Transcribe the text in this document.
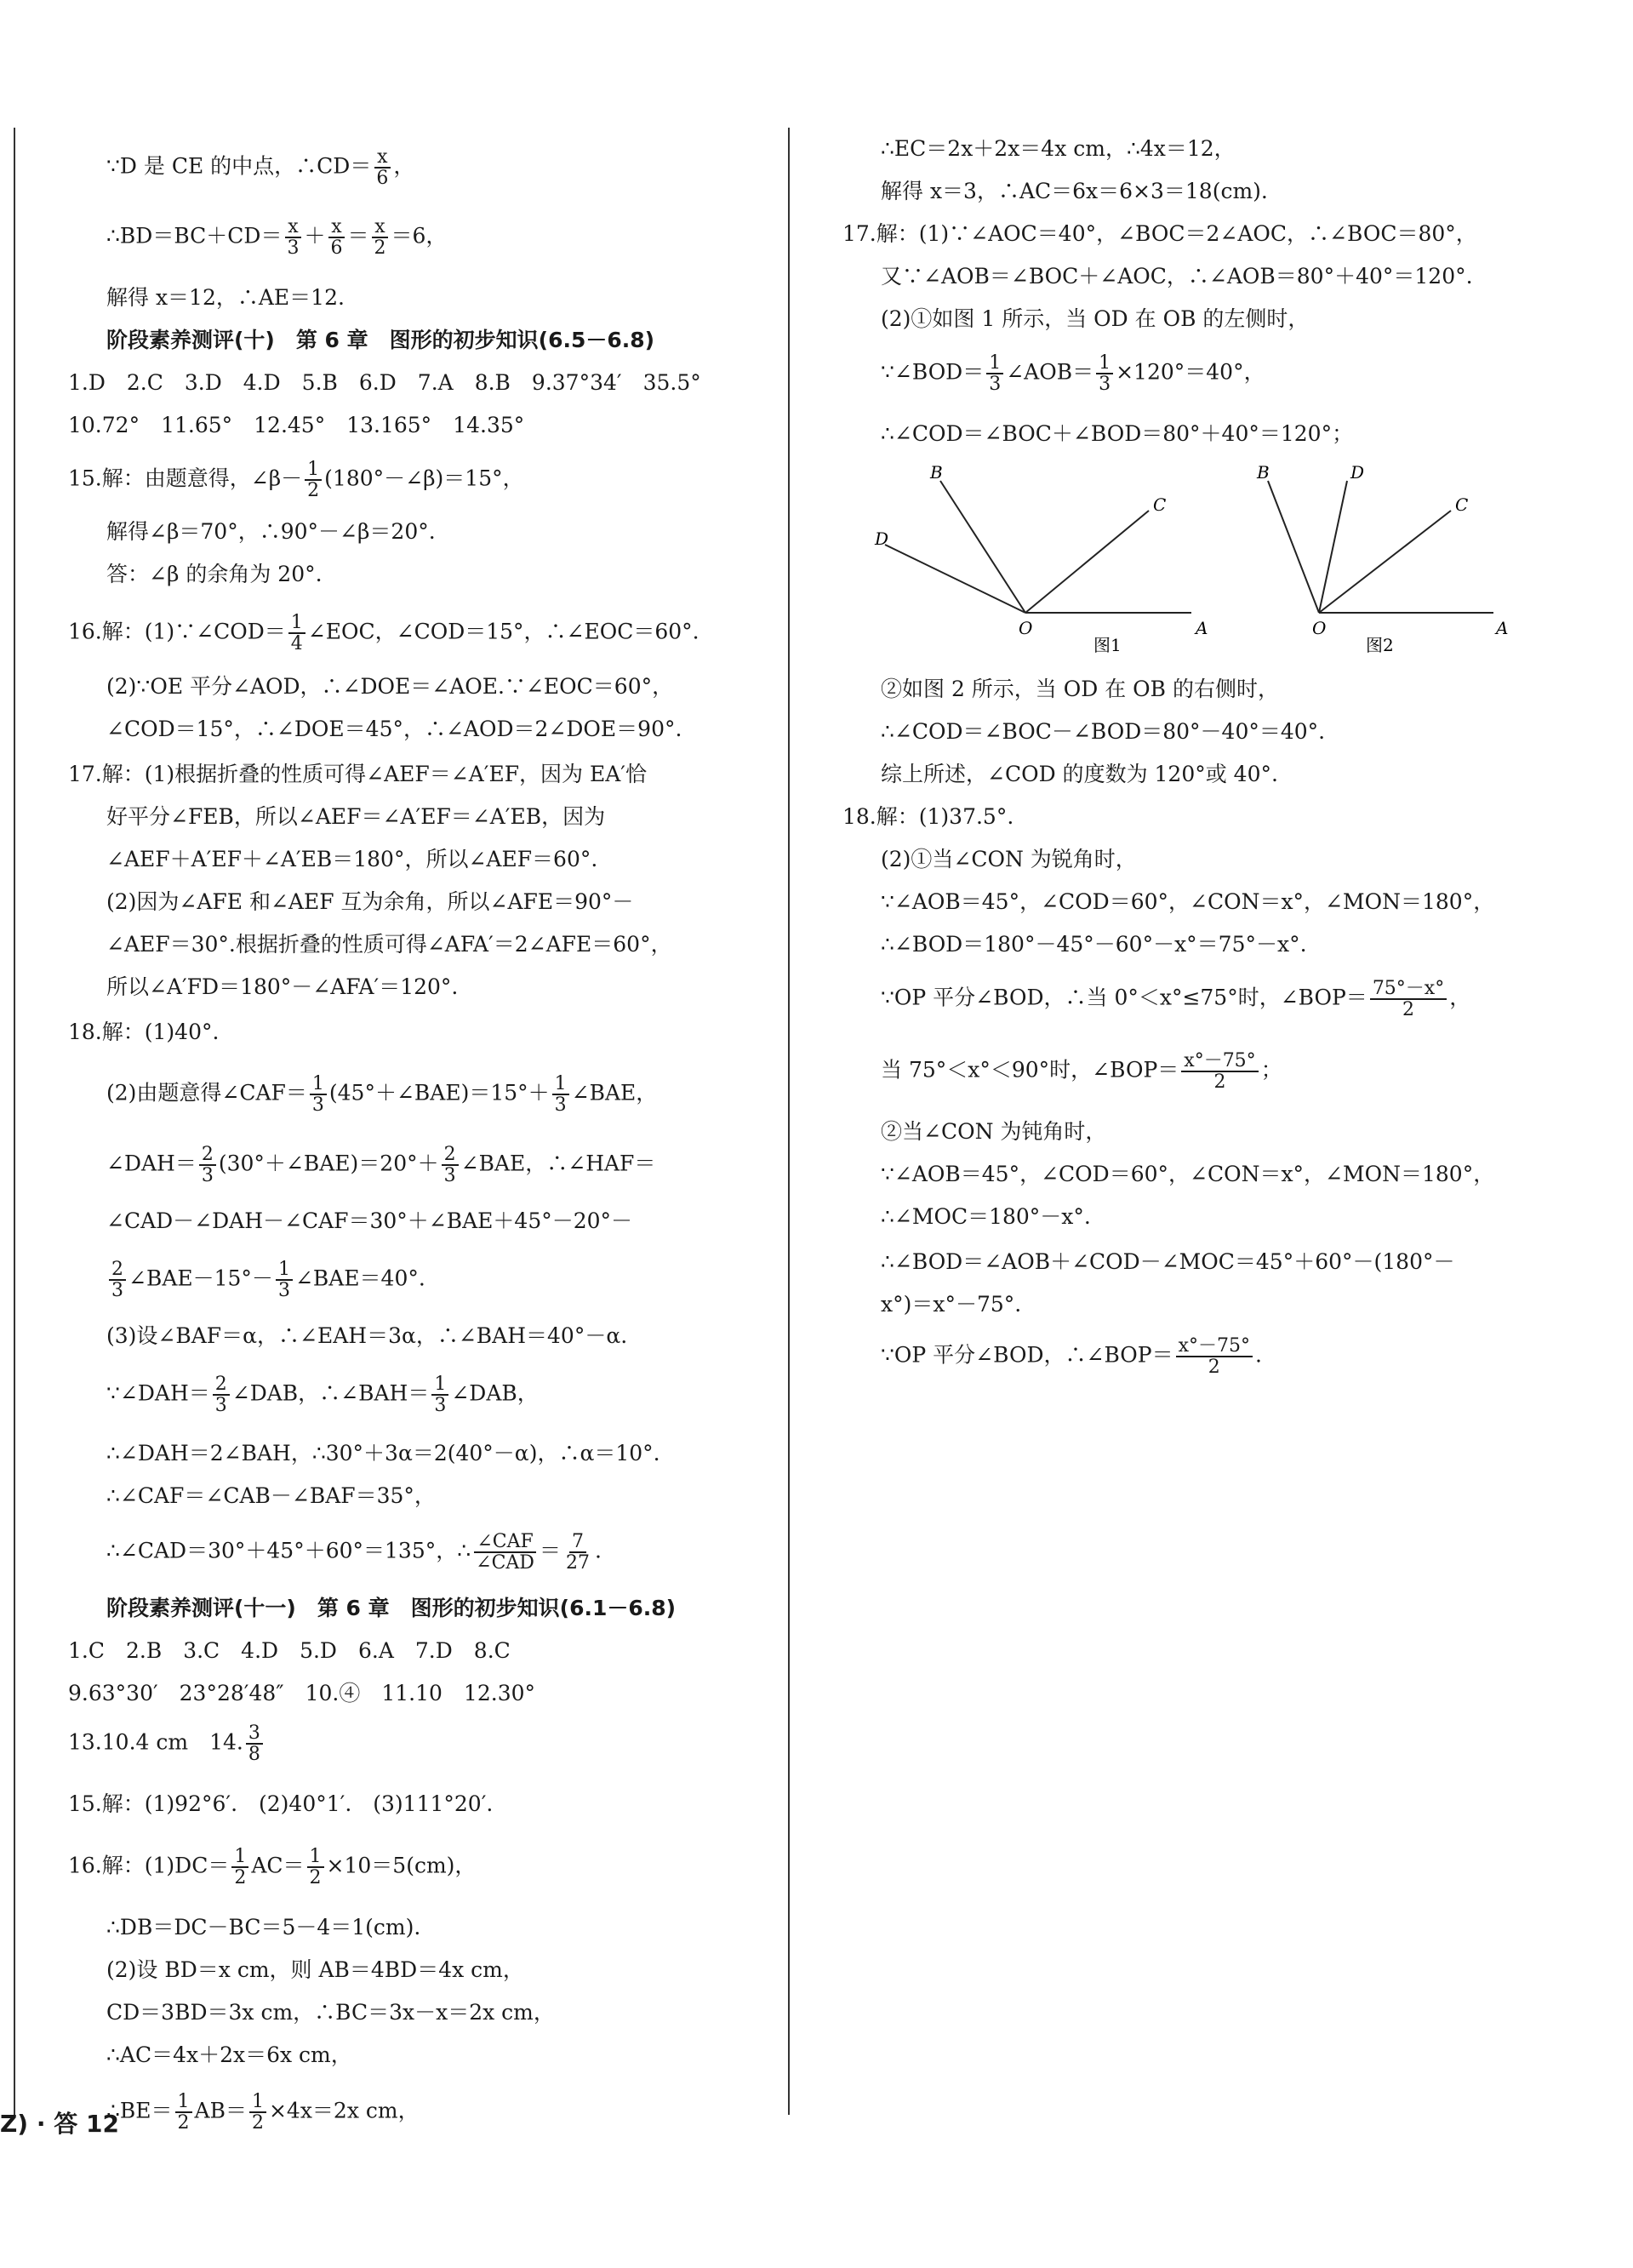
∵D 是 CE 的中点，∴CD＝ $\frac{x}{6}$ ，
∴BD＝BC＋CD＝ $\frac{x}{3} + \frac{x}{6} = \frac{x}{2} =6$，
解得 x＝12，∴AE＝12.
阶段素养测评(十)　第 6 章　图形的初步知识(6.5－6.8)
1.D　2.C　3.D　4.D　5.B　6.D　7.A　8.B　9.37°34′　35.5°
10.72°　11.65°　12.45°　13.165°　14.35°
15.解：由题意得，∠β－ $\frac{1}{2}$ (180°－∠β)＝15°，
解得∠β＝70°，∴90°－∠β＝20°.
答：∠β 的余角为 20°.
16.解：(1)∵∠COD＝ $\frac{1}{4}$ ∠EOC，∠COD＝15°，∴∠EOC＝60°.
(2)∵OE 平分∠AOD，∴∠DOE＝∠AOE.∵∠EOC＝60°，
∠COD＝15°，∴∠DOE＝45°，∴∠AOD＝2∠DOE＝90°.
17.解：(1)根据折叠的性质可得∠AEF＝∠A′EF，因为 EA′恰
好平分∠FEB，所以∠AEF＝∠A′EF＝∠A′EB，因为
∠AEF＋A′EF＋∠A′EB＝180°，所以∠AEF＝60°.
(2)因为∠AFE 和∠AEF 互为余角，所以∠AFE＝90°－
∠AEF＝30°.根据折叠的性质可得∠AFA′＝2∠AFE＝60°，
所以∠A′FD＝180°－∠AFA′＝120°.
18.解：(1)40°.
(2)由题意得∠CAF＝ $\frac{1}{3}$ (45°＋∠BAE)＝15°＋ $\frac{1}{3}$ ∠BAE，
∠DAH＝ $\frac{2}{3}$ (30°＋∠BAE)＝20°＋ $\frac{2}{3}$ ∠BAE，∴∠HAF＝
∠CAD－∠DAH－∠CAF＝30°＋∠BAE＋45°－20°－
$\frac{2}{3}$ ∠BAE－15°－ $\frac{1}{3}$ ∠BAE＝40°.
(3)设∠BAF＝α，∴∠EAH＝3α，∴∠BAH＝40°－α.
∵∠DAH＝ $\frac{2}{3}$ ∠DAB，∴∠BAH＝ $\frac{1}{3}$ ∠DAB，
∴∠DAH＝2∠BAH，∴30°＋3α＝2(40°－α)，∴α＝10°.
∴∠CAF＝∠CAB－∠BAF＝35°，
∴∠CAD＝30°＋45°＋60°＝135°，∴ $\frac{\text{∠CAF}}{\text{∠CAD}} = \frac{7}{27}$ .
阶段素养测评(十一)　第 6 章　图形的初步知识(6.1－6.8)
1.C　2.B　3.C　4.D　5.D　6.A　7.D　8.C
9.63°30′　23°28′48″　10.④　11.10　12.30°
13.10.4 cm　14. $\frac{3}{8}$
15.解：(1)92°6′.　(2)40°1′.　(3)111°20′.
16.解：$(1)DC= \frac{1}{2} AC= \frac{1}{2} \times 10=5(cm)$，
∴DB＝DC－BC＝5－4＝1(cm).
(2)设 BD＝x cm，则 AB＝4BD＝4x cm，
CD＝3BD＝3x cm，∴BC＝3x－x＝2x cm，
∴AC＝4x＋2x＝6x cm，
∴BE＝ $\frac{1}{2} AB= \frac{1}{2} \times 4x=2x$ cm，
∴EC＝2x＋2x＝4x cm，∴4x＝12，
解得 x＝3，∴AC＝6x＝6×3＝18(cm).
17.解：(1)∵∠AOC＝40°，∠BOC＝2∠AOC，∴∠BOC＝80°，
又∵∠AOB＝∠BOC＋∠AOC，∴∠AOB＝80°＋40°＝120°.
(2)①如图 1 所示，当 OD 在 OB 的左侧时，
∵∠BOD＝ $\frac{1}{3}$ ∠AOB＝ $\frac{1}{3} \times 120^\circ=40^\circ$，
∴∠COD＝∠BOC＋∠BOD＝80°＋40°＝120°；
O	A
B
C
D
图1
O	A
B	D
C
图2
②如图 2 所示，当 OD 在 OB 的右侧时，
∴∠COD＝∠BOC－∠BOD＝80°－40°＝40°.
综上所述，∠COD 的度数为 120°或 40°.
18.解：(1)37.5°.
(2)①当∠CON 为锐角时，
∵∠AOB＝45°，∠COD＝60°，∠CON＝x°，∠MON＝180°，
∴∠BOD＝180°－45°－60°－x°＝75°－x°.
∵OP 平分∠BOD，∴当 0°＜x°≤75°时，∠BOP＝ $\frac{75^\circ-x^\circ}{2}$ ，
当 75°＜x°＜90°时，∠BOP＝ $\frac{x^\circ-75^\circ}{2}$ ；
②当∠CON 为钝角时，
∵∠AOB＝45°，∠COD＝60°，∠CON＝x°，∠MON＝180°，
∴∠MOC＝180°－x°.
∴∠BOD＝∠AOB＋∠COD－∠MOC＝45°＋60°－(180°－
x°)＝x°－75°.
∵OP 平分∠BOD，∴∠BOP＝ $\frac{x^\circ-75^\circ}{2}$ .
Z) · 答 12
